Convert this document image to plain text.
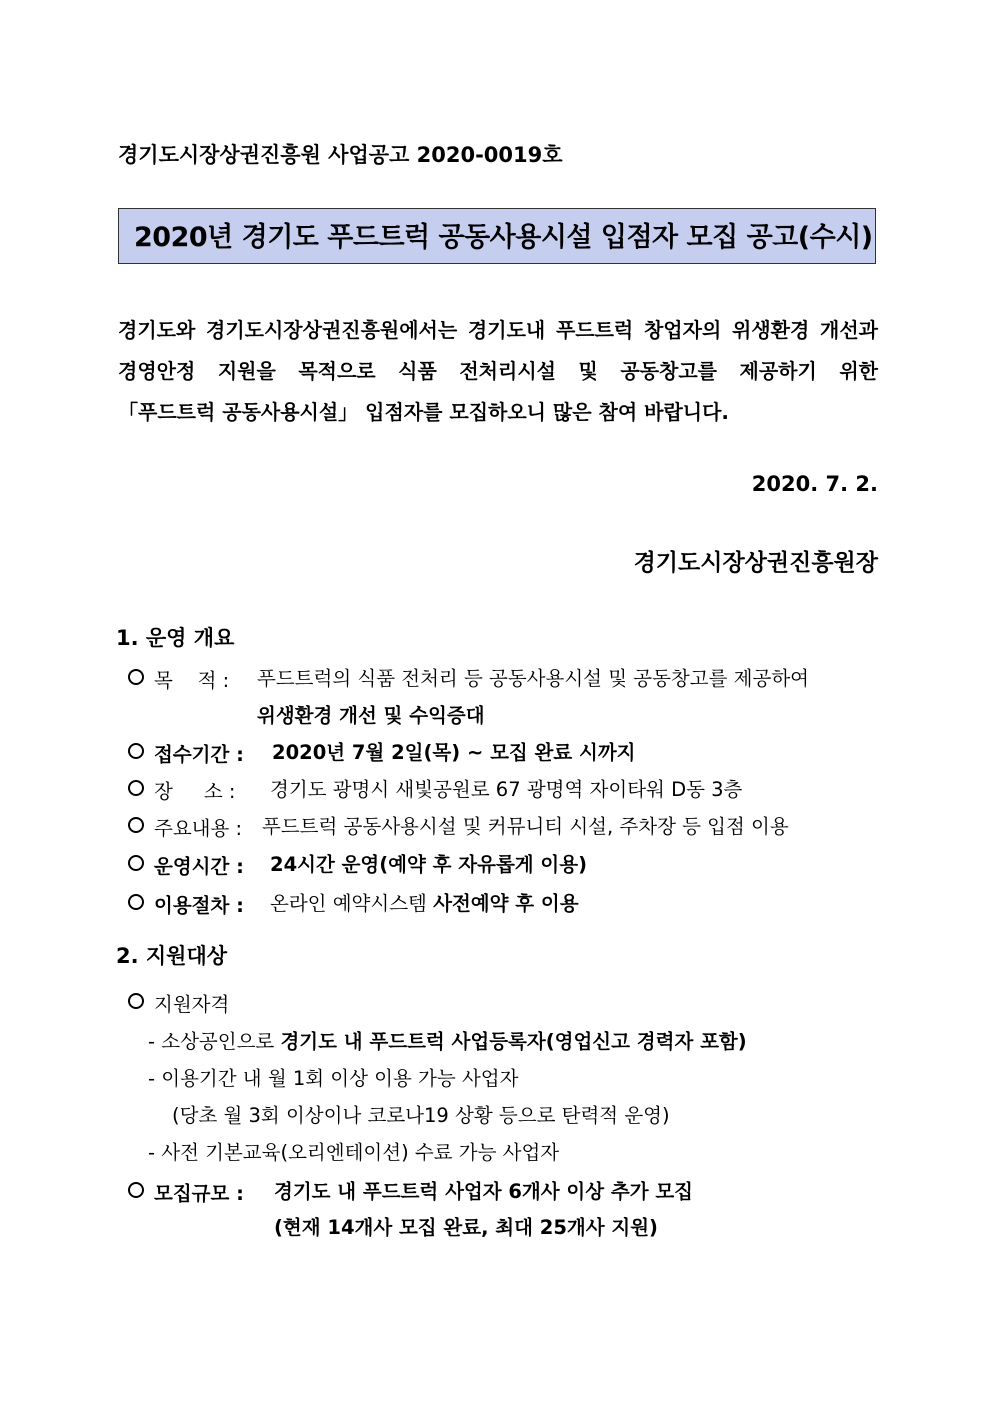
경기도시장상권진흥원 사업공고 2020-0019호
2020년 경기도 푸드트럭 공동사용시설 입점자 모집 공고(수시)
경기도와 경기도시장상권진흥원에서는 경기도내 푸드트럭 창업자의 위생환경 개선과
경영안정 지원을 목적으로 식품 전처리시설 및 공동창고를 제공하기 위한
「푸드트럭 공동사용시설」 입점자를 모집하오니 많은 참여 바랍니다.
2020. 7. 2.
경기도시장상권진흥원장
1. 운영 개요
목    적 : 푸드트럭의 식품 전처리 등 공동사용시설 및 공동창고를 제공하여
위생환경 개선 및 수익증대
접수기간 : 2020년 7월 2일(목) ~ 모집 완료 시까지
장     소 : 경기도 광명시 새빛공원로 67 광명역 자이타워 D동 3층
주요내용 : 푸드트럭 공동사용시설 및 커뮤니티 시설, 주차장 등 입점 이용
운영시간 : 24시간 운영(예약 후 자유롭게 이용)
이용절차 : 온라인 예약시스템 사전예약 후 이용
2. 지원대상
지원자격
- 소상공인으로 경기도 내 푸드트럭 사업등록자(영업신고 경력자 포함)
- 이용기간 내 월 1회 이상 이용 가능 사업자
(당초 월 3회 이상이나 코로나19 상황 등으로 탄력적 운영)
- 사전 기본교육(오리엔테이션) 수료 가능 사업자
모집규모 : 경기도 내 푸드트럭 사업자 6개사 이상 추가 모집
(현재 14개사 모집 완료, 최대 25개사 지원)
